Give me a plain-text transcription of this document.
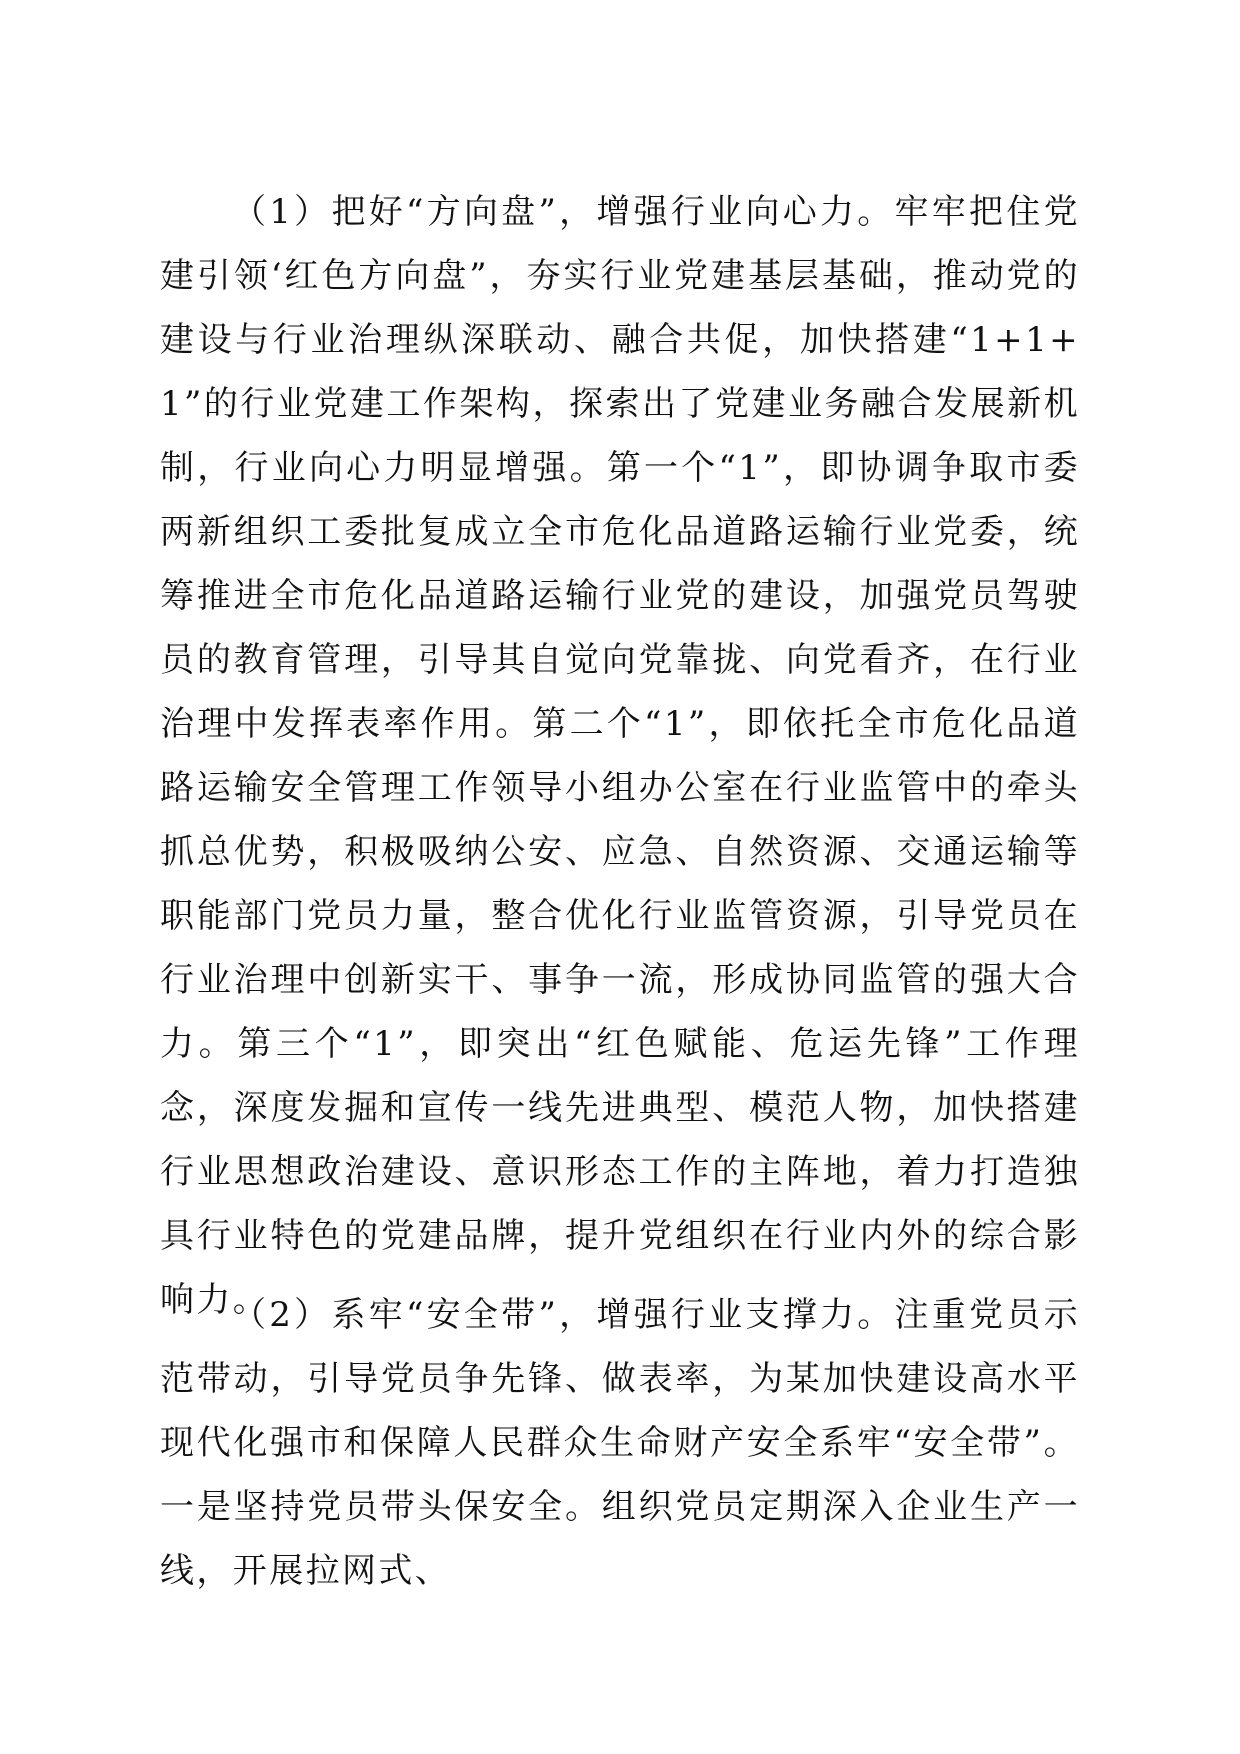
（1）把好“方向盘”，增强行业向心力。牢牢把住党建引领‘红色方向盘”，夯实行业党建基层基础，推动党的建设与行业治理纵深联动、融合共促，加快搭建“1+1+1”的行业党建工作架构，探索出了党建业务融合发展新机制，行业向心力明显增强。第一个“1”，即协调争取市委两新组织工委批复成立全市危化品道路运输行业党委，统筹推进全市危化品道路运输行业党的建设，加强党员驾驶员的教育管理，引导其自觉向党靠拢、向党看齐，在行业治理中发挥表率作用。第二个“1”，即依托全市危化品道路运输安全管理工作领导小组办公室在行业监管中的牵头抓总优势，积极吸纳公安、应急、自然资源、交通运输等职能部门党员力量，整合优化行业监管资源，引导党员在行业治理中创新实干、事争一流，形成协同监管的强大合力。第三个“1”，即突出“红色赋能、危运先锋”工作理念，深度发掘和宣传一线先进典型、模范人物，加快搭建行业思想政治建设、意识形态工作的主阵地，着力打造独具行业特色的党建品牌，提升党组织在行业内外的综合影响力。

（2）系牢“安全带”，增强行业支撑力。注重党员示范带动，引导党员争先锋、做表率，为某加快建设高水平现代化强市和保障人民群众生命财产安全系牢“安全带”。一是坚持党员带头保安全。组织党员定期深入企业生产一线，开展拉网式、
